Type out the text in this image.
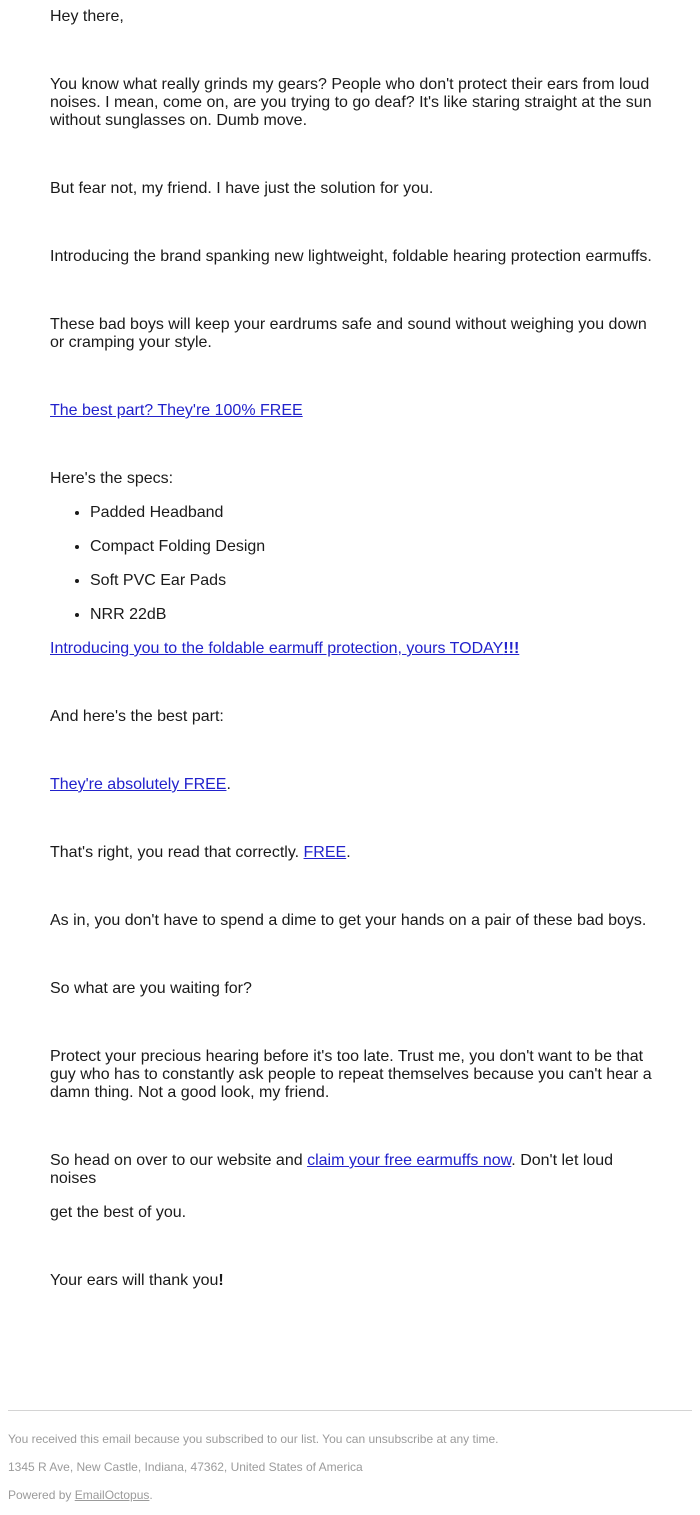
Hey there,

You know what really grinds my gears? People who don't protect their ears from loud noises. I mean, come on, are you trying to go deaf? It's like staring straight at the sun without sunglasses on. Dumb move.

But fear not, my friend. I have just the solution for you.

Introducing the brand spanking new lightweight, foldable hearing protection earmuffs.

These bad boys will keep your eardrums safe and sound without weighing you down or cramping your style.

The best part? They're 100% FREE

Here's the specs:

• Padded Headband
• Compact Folding Design
• Soft PVC Ear Pads
• NRR 22dB

Introducing you to the foldable earmuff protection, yours TODAY!!!

And here's the best part:

They're absolutely FREE.

That's right, you read that correctly. FREE.

As in, you don't have to spend a dime to get your hands on a pair of these bad boys.

So what are you waiting for?

Protect your precious hearing before it's too late. Trust me, you don't want to be that guy who has to constantly ask people to repeat themselves because you can't hear a damn thing. Not a good look, my friend.

So head on over to our website and claim your free earmuffs now. Don't let loud noises

get the best of you.

Your ears will thank you!

You received this email because you subscribed to our list. You can unsubscribe at any time.

1345 R Ave, New Castle, Indiana, 47362, United States of America

Powered by EmailOctopus.
